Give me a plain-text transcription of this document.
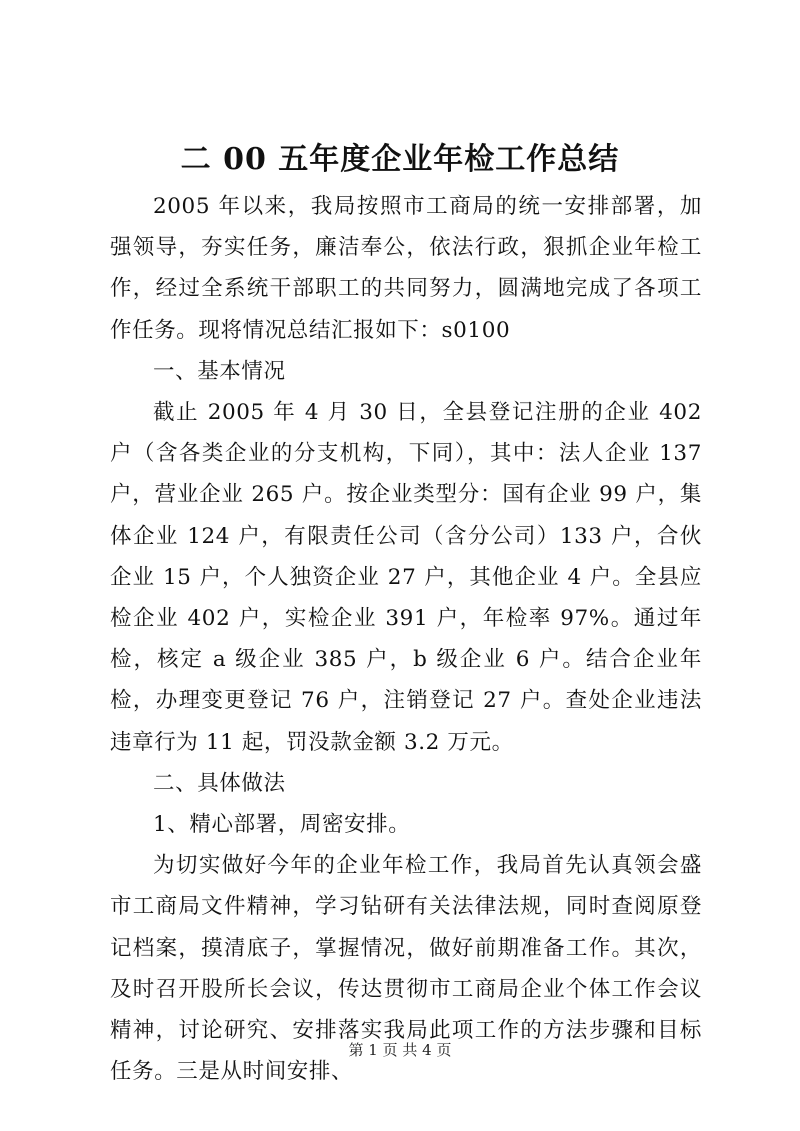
二 00 五年度企业年检工作总结

2005 年以来，我局按照市工商局的统一安排部署，加强领导，夯实任务，廉洁奉公，依法行政，狠抓企业年检工作，经过全系统干部职工的共同努力，圆满地完成了各项工作任务。现将情况总结汇报如下：s0100

一、基本情况

截止 2005 年 4 月 30 日，全县登记注册的企业 402 户（含各类企业的分支机构，下同），其中：法人企业 137 户，营业企业 265 户。按企业类型分：国有企业 99 户，集体企业 124 户，有限责任公司（含分公司）133 户，合伙企业 15 户，个人独资企业 27 户，其他企业 4 户。全县应检企业 402 户，实检企业 391 户，年检率 97%。通过年检，核定 a 级企业 385 户，b 级企业 6 户。结合企业年检，办理变更登记 76 户，注销登记 27 户。查处企业违法违章行为 11 起，罚没款金额 3.2 万元。

二、具体做法

1、精心部署，周密安排。

为切实做好今年的企业年检工作，我局首先认真领会盛市工商局文件精神，学习钻研有关法律法规，同时查阅原登记档案，摸清底子，掌握情况，做好前期准备工作。其次，及时召开股所长会议，传达贯彻市工商局企业个体工作会议精神，讨论研究、安排落实我局此项工作的方法步骤和目标任务。三是从时间安排、

第 1 页 共 4 页
